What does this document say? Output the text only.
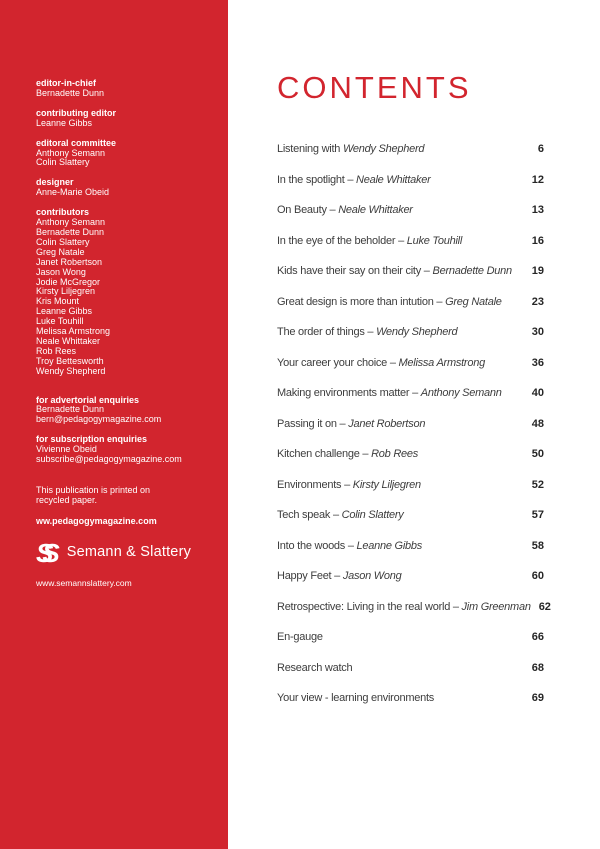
editor-in-chief
Bernadette Dunn
contributing editor
Leanne Gibbs
editoral committee
Anthony Semann
Colin Slattery
designer
Anne-Marie Obeid
contributors
Anthony Semann
Bernadette Dunn
Colin Slattery
Greg Natale
Janet Robertson
Jason Wong
Jodie McGregor
Kirsty Liljegren
Kris Mount
Leanne Gibbs
Luke Touhill
Melissa Armstrong
Neale Whittaker
Rob Rees
Troy Bettesworth
Wendy Shepherd
for advertorial enquiries
Bernadette Dunn
bern@pedagogymagazine.com
for subscription enquiries
Vivienne Obeid
subscribe@pedagogymagazine.com

This publication is printed on recycled paper.

ww.pedagogymagazine.com

SS	Semann & Slattery

www.semannslattery.com

CONTENTS
Listening with Wendy Shepherd	6
In the spotlight – Neale Whittaker	12
On Beauty – Neale Whittaker	13
In the eye of the beholder – Luke Touhill	16
Kids have their say on their city – Bernadette Dunn 19
Great design is more than intution – Greg Natale	23
The order of things – Wendy Shepherd	30
Your career your choice – Melissa Armstrong	36
Making environments matter – Anthony Semann	40
Passing it on – Janet Robertson	48
Kitchen challenge – Rob Rees	50
Environments – Kirsty Liljegren	52
Tech speak – Colin Slattery	57
Into the woods – Leanne Gibbs	58
Happy Feet – Jason Wong	60
Retrospective: Living in the real world – Jim Greenman 62
En-gauge	66
Research watch	68
Your view - learning environments	69
